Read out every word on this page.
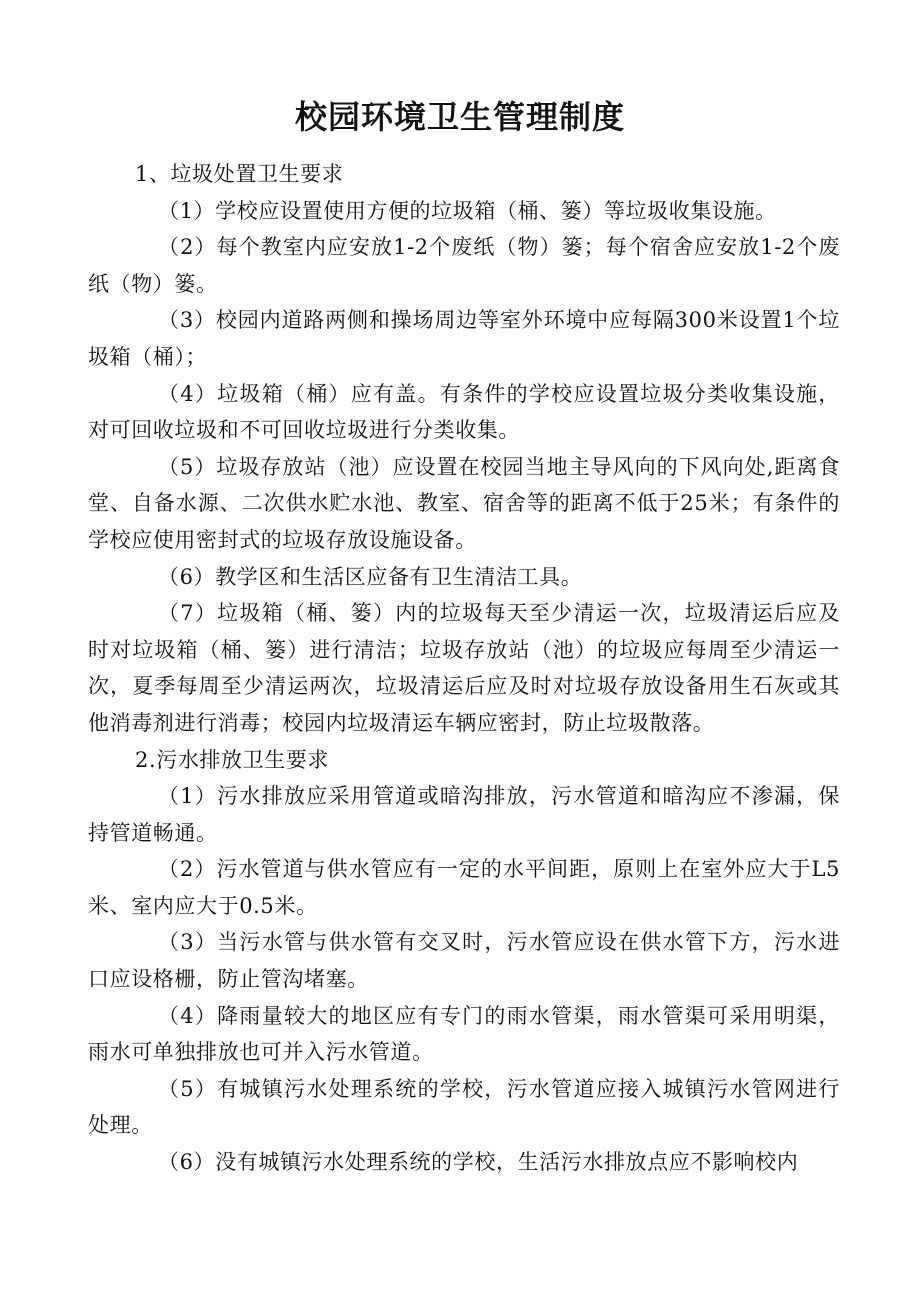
校园环境卫生管理制度

1、垃圾处置卫生要求

（1）学校应设置使用方便的垃圾箱（桶、篓）等垃圾收集设施。

（2）每个教室内应安放1-2个废纸（物）篓；每个宿舍应安放1-2个废纸（物）篓。

（3）校园内道路两侧和操场周边等室外环境中应每隔300米设置1个垃圾箱（桶）；

（4）垃圾箱（桶）应有盖。有条件的学校应设置垃圾分类收集设施，对可回收垃圾和不可回收垃圾进行分类收集。

（5）垃圾存放站（池）应设置在校园当地主导风向的下风向处,距离食堂、自备水源、二次供水贮水池、教室、宿舍等的距离不低于25米；有条件的学校应使用密封式的垃圾存放设施设备。

（6）教学区和生活区应备有卫生清洁工具。

（7）垃圾箱（桶、篓）内的垃圾每天至少清运一次，垃圾清运后应及时对垃圾箱（桶、篓）进行清洁；垃圾存放站（池）的垃圾应每周至少清运一次，夏季每周至少清运两次，垃圾清运后应及时对垃圾存放设备用生石灰或其他消毒剂进行消毒；校园内垃圾清运车辆应密封，防止垃圾散落。

2.污水排放卫生要求

（1）污水排放应采用管道或暗沟排放，污水管道和暗沟应不渗漏，保持管道畅通。

（2）污水管道与供水管应有一定的水平间距，原则上在室外应大于L5米、室内应大于0.5米。

（3）当污水管与供水管有交叉时，污水管应设在供水管下方，污水进口应设格栅，防止管沟堵塞。

（4）降雨量较大的地区应有专门的雨水管渠，雨水管渠可采用明渠，雨水可单独排放也可并入污水管道。

（5）有城镇污水处理系统的学校，污水管道应接入城镇污水管网进行处理。

（6）没有城镇污水处理系统的学校，生活污水排放点应不影响校内
